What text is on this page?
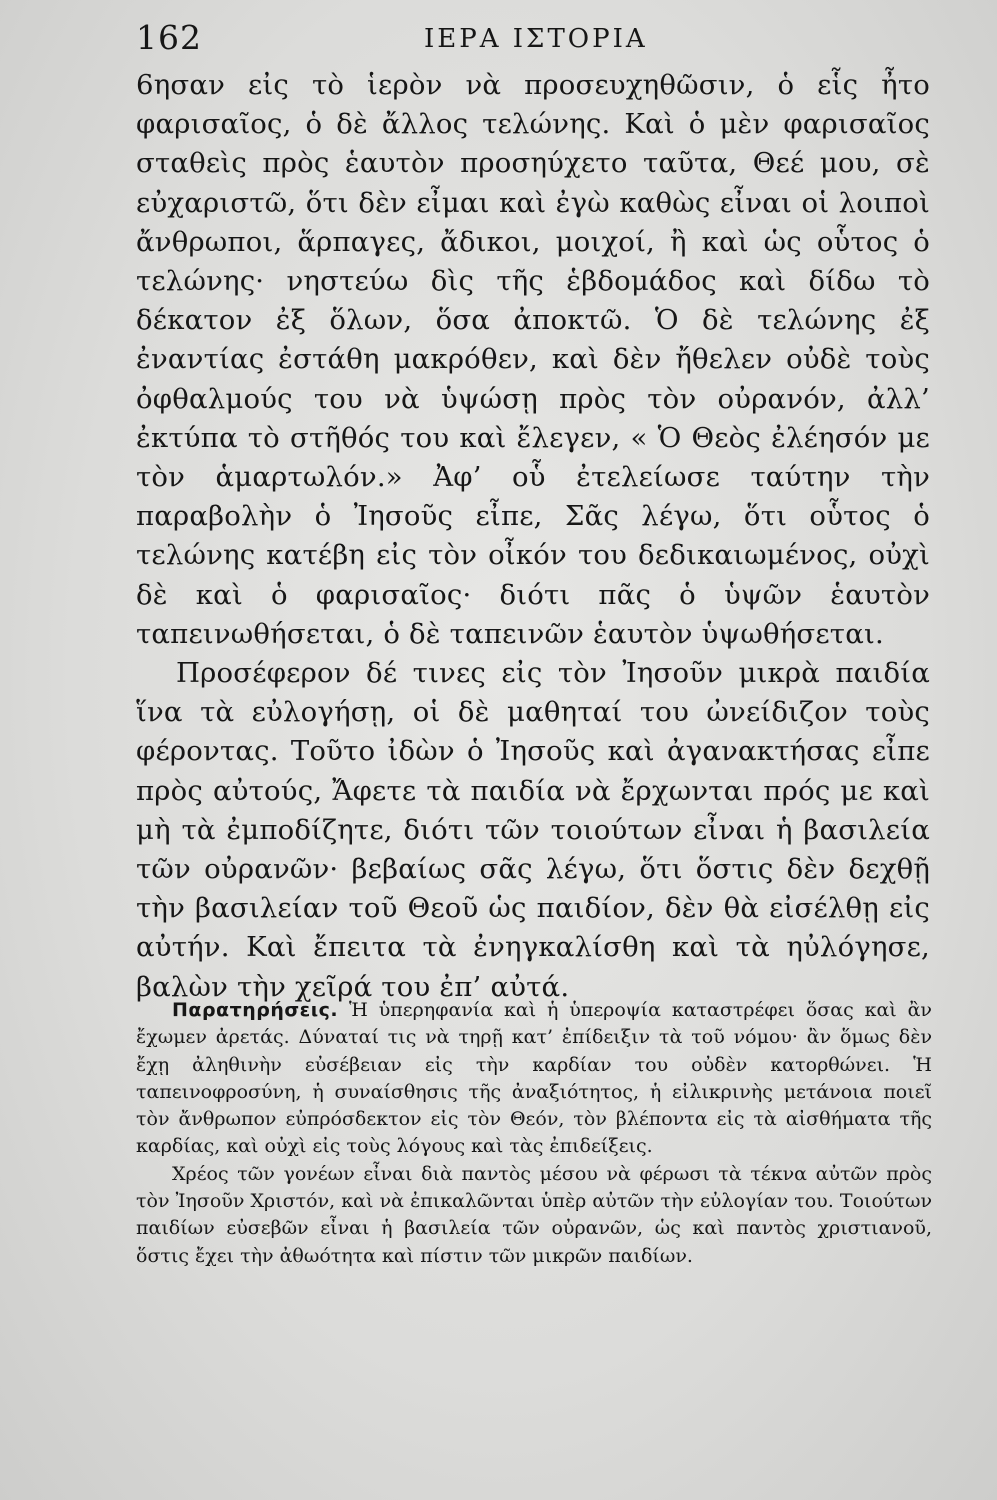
162	ΙΕΡΑ ΙΣΤΟΡΙΑ

6ησαν εἰς τὸ ἱερὸν νὰ προσευχηθῶσιν, ὁ εἷς ἦτο φαρισαῖος, ὁ δὲ ἄλλος τελώνης. Καὶ ὁ μὲν φαρισαῖος σταθεὶς πρὸς ἑαυτὸν προσηύχετο ταῦτα, Θεέ μου, σὲ εὐχαριστῶ, ὅτι δὲν εἶμαι καὶ ἐγὼ καθὼς εἶναι οἱ λοιποὶ ἄνθρωποι, ἅρπαγες, ἄδικοι, μοιχοί, ἢ καὶ ὡς οὗτος ὁ τελώνης· νηστεύω δὶς τῆς ἑβδομάδος καὶ δίδω τὸ δέκατον ἐξ ὅλων, ὅσα ἀποκτῶ. Ὁ δὲ τελώνης ἐξ ἐναντίας ἐστάθη μακρόθεν, καὶ δὲν ἤθελεν οὐδὲ τοὺς ὀφθαλμούς του νὰ ὑψώσῃ πρὸς τὸν οὐρανόν, ἀλλ’ ἐκτύπα τὸ στῆθός του καὶ ἔλεγεν, « Ὁ Θεὸς ἐλέησόν με τὸν ἁμαρτωλόν.» Ἀφ’ οὗ ἐτελείωσε ταύτην τὴν παραβολὴν ὁ Ἰησοῦς εἶπε, Σᾶς λέγω, ὅτι οὗτος ὁ τελώνης κατέβη εἰς τὸν οἶκόν του δεδικαιωμένος, οὐχὶ δὲ καὶ ὁ φαρισαῖος· διότι πᾶς ὁ ὑψῶν ἑαυτὸν ταπεινωθήσεται, ὁ δὲ ταπεινῶν ἑαυτὸν ὑψωθήσεται.

Προσέφερον δέ τινες εἰς τὸν Ἰησοῦν μικρὰ παιδία ἵνα τὰ εὐλογήσῃ, οἱ δὲ μαθηταί του ὠνείδιζον τοὺς φέροντας. Τοῦτο ἰδὼν ὁ Ἰησοῦς καὶ ἀγανακτήσας εἶπε πρὸς αὐτούς, Ἄφετε τὰ παιδία νὰ ἔρχωνται πρός με καὶ μὴ τὰ ἐμποδίζητε, διότι τῶν τοιούτων εἶναι ἡ βασιλεία τῶν οὐρανῶν· βεβαίως σᾶς λέγω, ὅτι ὅστις δὲν δεχθῇ τὴν βασιλείαν τοῦ Θεοῦ ὡς παιδίον, δὲν θὰ εἰσέλθῃ εἰς αὐτήν. Καὶ ἔπειτα τὰ ἐνηγκαλίσθη καὶ τὰ ηὐλόγησε, βαλὼν τὴν χεῖρά του ἐπ’ αὐτά.

Παρατηρήσεις. Ἡ ὑπερηφανία καὶ ἡ ὑπεροψία καταστρέφει ὅσας καὶ ἂν ἔχωμεν ἀρετάς. Δύναταί τις νὰ τηρῇ κατ’ ἐπίδειξιν τὰ τοῦ νόμου· ἂν ὅμως δὲν ἔχῃ ἀληθινὴν εὐσέβειαν εἰς τὴν καρδίαν του οὐδὲν κατορθώνει. Ἡ ταπεινοφροσύνη, ἡ συναίσθησις τῆς ἀναξιότητος, ἡ εἰλικρινὴς μετάνοια ποιεῖ τὸν ἄνθρωπον εὐπρόσδεκτον εἰς τὸν Θεόν, τὸν βλέποντα εἰς τὰ αἰσθήματα τῆς καρδίας, καὶ οὐχὶ εἰς τοὺς λόγους καὶ τὰς ἐπιδείξεις.

Χρέος τῶν γονέων εἶναι διὰ παντὸς μέσου νὰ φέρωσι τὰ τέκνα αὐτῶν πρὸς τὸν Ἰησοῦν Χριστόν, καὶ νὰ ἐπικαλῶνται ὑπὲρ αὐτῶν τὴν εὐλογίαν του. Τοιούτων παιδίων εὐσεβῶν εἶναι ἡ βασιλεία τῶν οὐρανῶν, ὡς καὶ παντὸς χριστιανοῦ, ὅστις ἔχει τὴν ἀθωότητα καὶ πίστιν τῶν μικρῶν παιδίων.
